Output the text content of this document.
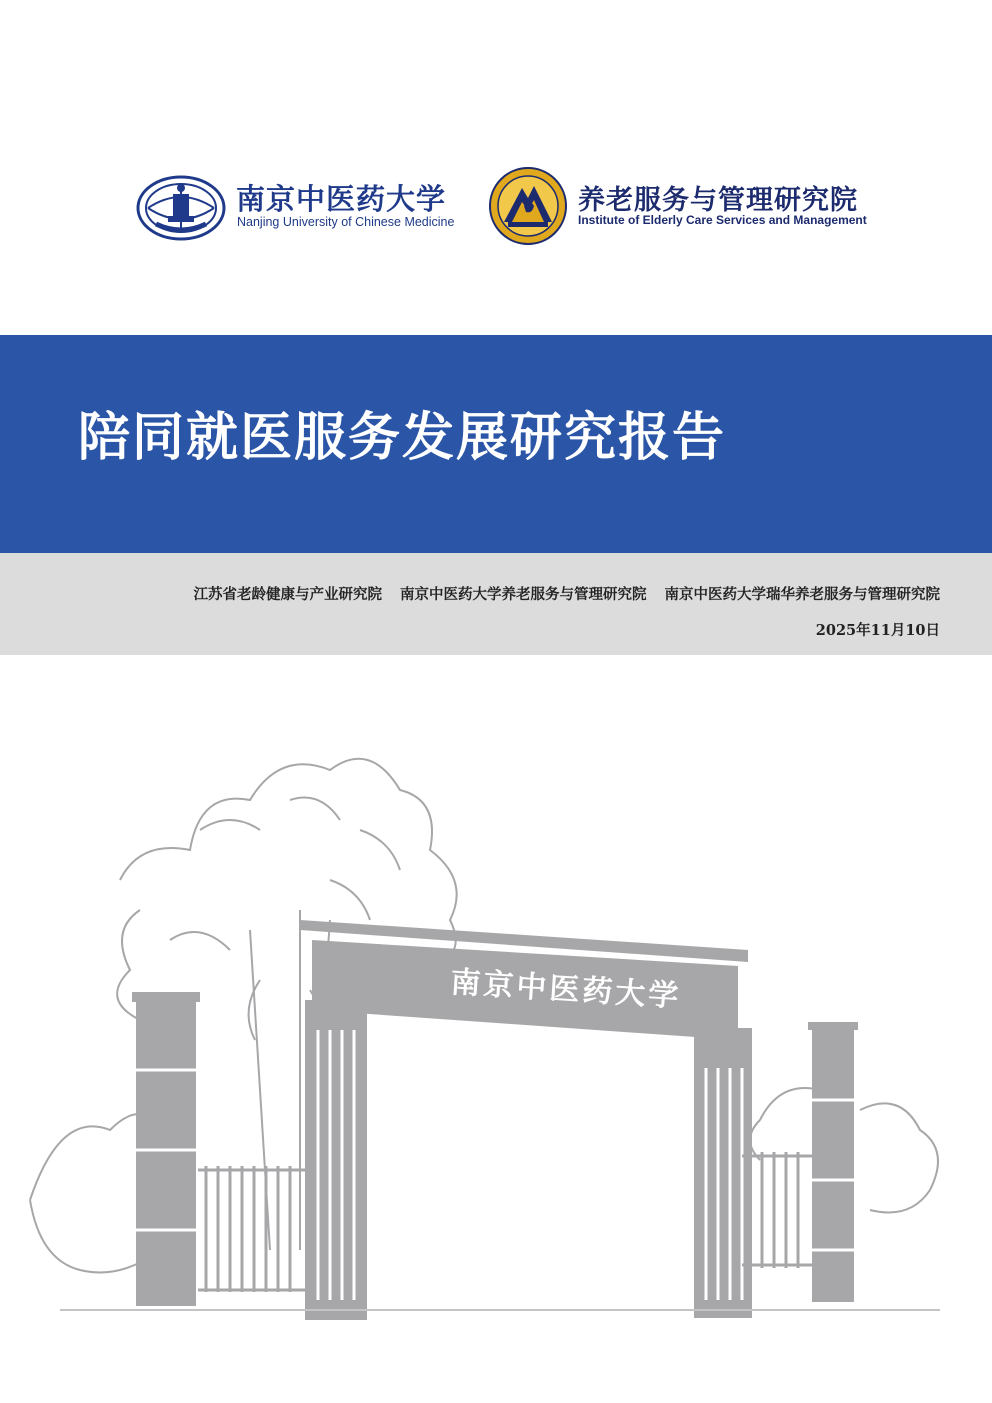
南京中医药大学
Nanjing University of Chinese Medicine
养老服务与管理研究院
Institute of Elderly Care Services and Management
陪同就医服务发展研究报告
江苏省老龄健康与产业研究院 南京中医药大学养老服务与管理研究院 南京中医药大学瑞华养老服务与管理研究院
2025年11月10日
南京中医药大学
